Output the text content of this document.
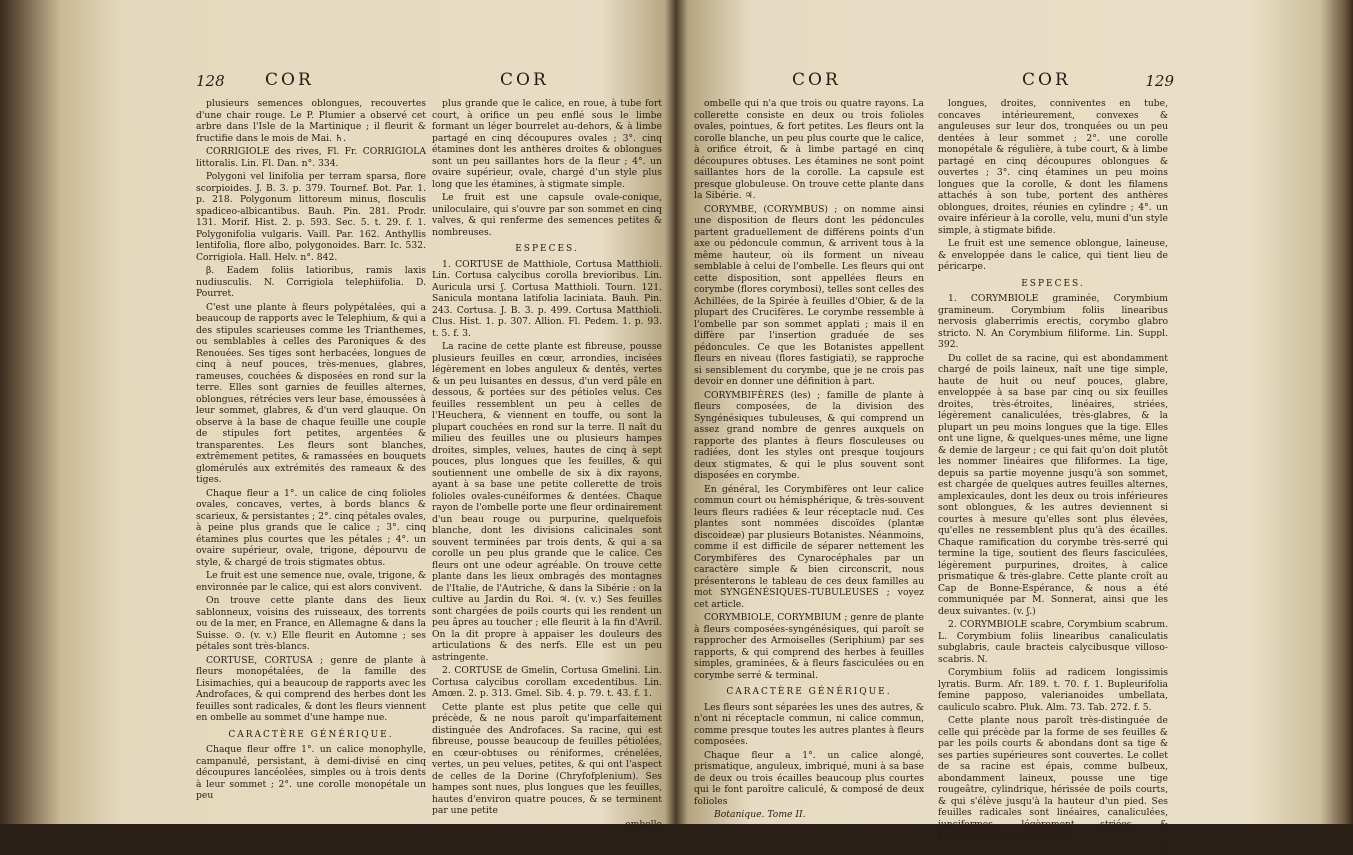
128 COR	COR

plusieurs semences oblongues, recouvertes d'une chair rouge. Le P. Plumier a observé cet arbre dans l'Isle de la Martinique ; il fleurit & fructifie dans le mois de Mai. ♄.

CORRIGIOLE des rives, Fl. Fr. CORRIGIOLA littoralis. Lin. Fl. Dan. n°. 334.

Polygoni vel linifolia per terram sparsa, flore scorpioides. J. B. 3. p. 379. Tournef. Bot. Par. 1. p. 218. Polygonum littoreum minus, flosculis spadiceo-albicantibus. Bauh. Pin. 281. Prodr. 131. Morif. Hist. 2. p. 593. Sec. 5. t. 29. f. 1. Polygonifolia vulgaris. Vaill. Par. 162. Anthyllis lentifolia, flore albo, polygonoides. Barr. Ic. 532. Corrigiola. Hall. Helv. n°. 842.

β. Eadem foliis latioribus, ramis laxis nudiusculis. N. Corrigiola telephiifolia. D. Pourret.

C'est une plante à fleurs polypétalées, qui a beaucoup de rapports avec le Telephium, & qui a des stipules scarieuses comme les Trianthemes, ou semblables à celles des Paroniques & des Renouées. Ses tiges sont herbacées, longues de cinq à neuf pouces, très-menues, glabres, rameuses, couchées & disposées en rond sur la terre. Elles sont garnies de feuilles alternes, oblongues, rétrécies vers leur base, émoussées à leur sommet, glabres, & d'un verd glauque. On observe à la base de chaque feuille une couple de stipules fort petites, argentées & transparentes. Les fleurs sont blanches, extrêmement petites, & ramassées en bouquets glomérulés aux extrémités des rameaux & des tiges.

Chaque fleur a 1°. un calice de cinq folioles ovales, concaves, vertes, à bords blancs & scarieux, & persistantes ; 2°. cinq pétales ovales, à peine plus grands que le calice ; 3°. cinq étamines plus courtes que les pétales ; 4°. un ovaire supérieur, ovale, trigone, dépourvu de style, & chargé de trois stigmates obtus.

Le fruit est une semence nue, ovale, trigone, & environnée par le calice, qui est alors convivent.

On trouve cette plante dans des lieux sablonneux, voisins des ruisseaux, des torrents ou de la mer, en France, en Allemagne & dans la Suisse. ⊙. (v. v.) Elle fleurit en Automne ; ses pétales sont très-blancs.

CORTUSE, CORTUSA ; genre de plante à fleurs monopétalées, de la famille des Lisimachies, qui a beaucoup de rapports avec les Androfaces, & qui comprend des herbes dont les feuilles sont radicales, & dont les fleurs viennent en ombelle au sommet d'une hampe nue.

CARACTÈRE GÉNÉRIQUE.

Chaque fleur offre 1°. un calice monophylle, campanulé, persistant, à demi-divisé en cinq découpures lancéolées, simples ou à trois dents à leur sommet ; 2°. une corolle monopétale un peu

plus grande que le calice, en roue, à tube fort court, à orifice un peu enflé sous le limbe formant un léger bourrelet au-dehors, & à limbe partagé en cinq découpures ovales ; 3°. cinq étamines dont les anthères droites & oblongues sont un peu saillantes hors de la fleur ; 4°. un ovaire supérieur, ovale, chargé d'un style plus long que les étamines, à stigmate simple.

Le fruit est une capsule ovale-conique, uniloculaire, qui s'ouvre par son sommet en cinq valves, & qui renferme des semences petites & nombreuses.

ESPECES.

1. CORTUSE de Matthiole, Cortusa Matthioli. Lin. Cortusa calycibus corolla brevioribus. Lin. Auricula ursi ʃ. Cortusa Matthioli. Tourn. 121. Sanicula montana latifolia laciniata. Bauh. Pin. 243. Cortusa. J. B. 3. p. 499. Cortusa Matthioli. Clus. Hist. 1. p. 307. Allion. Fl. Pedem. 1. p. 93. t. 5. f. 3.

La racine de cette plante est fibreuse, pousse plusieurs feuilles en cœur, arrondies, incisées légèrement en lobes anguleux & dentés, vertes & un peu luisantes en dessus, d'un verd pâle en dessous, & portées sur des pétioles velus. Ces feuilles ressemblent un peu à celles de l'Heuchera, & viennent en touffe, ou sont la plupart couchées en rond sur la terre. Il naît du milieu des feuilles une ou plusieurs hampes droites, simples, velues, hautes de cinq à sept pouces, plus longues que les feuilles, & qui soutiennent une ombelle de six à dix rayons, ayant à sa base une petite collerette de trois folioles ovales-cunéiformes & dentées. Chaque rayon de l'ombelle porte une fleur ordinairement d'un beau rouge ou purpurine, quelquefois blanche, dont les divisions calicinales sont souvent terminées par trois dents, & qui a sa corolle un peu plus grande que le calice. Ces fleurs ont une odeur agréable. On trouve cette plante dans les lieux ombragés des montagnes de l'Italie, de l'Autriche, & dans la Sibérie : on la cultive au Jardin du Roi. ♃. (v. v.) Ses feuilles sont chargées de poils courts qui les rendent un peu âpres au toucher ; elle fleurit à la fin d'Avril. On la dit propre à appaiser les douleurs des articulations & des nerfs. Elle est un peu astringente.

2. CORTUSE de Gmelin, Cortusa Gmelini. Lin. Cortusa calycibus corollam excedentibus. Lin. Amœn. 2. p. 313. Gmel. Sib. 4. p. 79. t. 43. f. 1.

Cette plante est plus petite que celle qui précède, & ne nous paroît qu'imparfaitement distinguée des Androfaces. Sa racine, qui est fibreuse, pousse beaucoup de feuilles pétiolées, en cœur-obtuses ou réniformes, crénelées, vertes, un peu velues, petites, & qui ont l'aspect de celles de la Dorine (Chryfofplenium). Ses hampes sont nues, plus longues que les feuilles, hautes d'environ quatre pouces, & se terminent par une petite

ombelle

COR	COR	129

ombelle qui n'a que trois ou quatre rayons. La collerette consiste en deux ou trois folioles ovales, pointues, & fort petites. Les fleurs ont la corolle blanche, un peu plus courte que le calice, à orifice étroit, & à limbe partagé en cinq découpures obtuses. Les étamines ne sont point saillantes hors de la corolle. La capsule est presque globuleuse. On trouve cette plante dans la Sibérie. ♃.

CORYMBE, (CORYMBUS) ; on nomme ainsi une disposition de fleurs dont les pédoncules partent graduellement de différens points d'un axe ou pédoncule commun, & arrivent tous à la même hauteur, où ils forment un niveau semblable à celui de l'ombelle. Les fleurs qui ont cette disposition, sont appellées fleurs en corymbe (flores corymbosi), telles sont celles des Achillées, de la Spirée à feuilles d'Obier, & de la plupart des Crucifères. Le corymbe ressemble à l'ombelle par son sommet applati ; mais il en diffère par l'insertion graduée de ses pédoncules. Ce que les Botanistes appellent fleurs en niveau (flores fastigiati), se rapproche si sensiblement du corymbe, que je ne crois pas devoir en donner une définition à part.

CORYMBIFÈRES (les) ; famille de plante à fleurs composées, de la division des Syngénésiques tubuleuses, & qui comprend un assez grand nombre de genres auxquels on rapporte des plantes à fleurs flosculeuses ou radiées, dont les styles ont presque toujours deux stigmates, & qui le plus souvent sont disposées en corymbe.

En général, les Corymbifères ont leur calice commun court ou hémisphérique, & très-souvent leurs fleurs radiées & leur réceptacle nud. Ces plantes sont nommées discoïdes (plantæ discoideæ) par plusieurs Botanistes. Néanmoins, comme il est difficile de séparer nettement les Corymbifères des Cynarocéphales par un caractère simple & bien circonscrit, nous présenterons le tableau de ces deux familles au mot SYNGÉNÉSIQUES-TUBULEUSES ; voyez cet article.

CORYMBIOLE, CORYMBIUM ; genre de plante à fleurs composées-syngénésiques, qui paroît se rapprocher des Armoiselles (Seriphium) par ses rapports, & qui comprend des herbes à feuilles simples, graminées, & à fleurs fasciculées ou en corymbe serré & terminal.

CARACTÈRE GÉNÉRIQUE.

Les fleurs sont séparées les unes des autres, & n'ont ni réceptacle commun, ni calice commun, comme presque toutes les autres plantes à fleurs composées.

Chaque fleur a 1°. un calice alongé, prismatique, anguleux, imbriqué, muni à sa base de deux ou trois écailles beaucoup plus courtes qui le font paroître caliculé, & composé de deux folioles

Botanique. Tome II.

longues, droites, conniventes en tube, concaves intérieurement, convexes & anguleuses sur leur dos, tronquées ou un peu dentées à leur sommet ; 2°. une corolle monopétale & régulière, à tube court, & à limbe partagé en cinq découpures oblongues & ouvertes ; 3°. cinq étamines un peu moins longues que la corolle, & dont les filamens attachés à son tube, portent des anthères oblongues, droites, réunies en cylindre ; 4°. un ovaire inférieur à la corolle, velu, muni d'un style simple, à stigmate bifide.

Le fruit est une semence oblongue, laineuse, & enveloppée dans le calice, qui tient lieu de péricarpe.

ESPECES.

1. CORYMBIOLE graminée, Corymbium gramineum. Corymbium foliis linearibus nervosis glaberrimis erectis, corymbo glabro stricto. N. An Corymbium filiforme. Lin. Suppl. 392.

Du collet de sa racine, qui est abondamment chargé de poils laineux, naît une tige simple, haute de huit ou neuf pouces, glabre, enveloppée à sa base par cinq ou six feuilles droites, très-étroites, linéaires, striées, légèrement canaliculées, très-glabres, & la plupart un peu moins longues que la tige. Elles ont une ligne, & quelques-unes même, une ligne & demie de largeur ; ce qui fait qu'on doit plutôt les nommer linéaires que filiformes. La tige, depuis sa partie moyenne jusqu'à son sommet, est chargée de quelques autres feuilles alternes, amplexicaules, dont les deux ou trois inférieures sont oblongues, & les autres deviennent si courtes à mesure qu'elles sont plus élevées, qu'elles ne ressemblent plus qu'à des écailles. Chaque ramification du corymbe très-serré qui termine la tige, soutient des fleurs fasciculées, légèrement purpurines, droites, à calice prismatique & très-glabre. Cette plante croît au Cap de Bonne-Espérance, & nous a été communiquée par M. Sonnerat, ainsi que les deux suivantes. (v. ʃ.)

2. CORYMBIOLE scabre, Corymbium scabrum. L. Corymbium foliis linearibus canaliculatis subglabris, caule bracteis calycibusque villoso-scabris. N.

Corymbium foliis ad radicem longissimis lyratis. Burm. Afr. 189. t. 70. f. 1. Bupleurifolia femine papposo, valerianoides umbellata, cauliculo scabro. Pluk. Alm. 73. Tab. 272. f. 5.

Cette plante nous paroît très-distinguée de celle qui précède par la forme de ses feuilles & par les poils courts & abondans dont sa tige & ses parties supérieures sont couvertes. Le collet de sa racine est épais, comme bulbeux, abondamment laineux, pousse une tige rougeâtre, cylindrique, hérissée de poils courts, & qui s'élève jusqu'à la hauteur d'un pied. Ses feuilles radicales sont linéaires, canaliculées, junciformes, légèrement striées, & presqu'entièrement glabres.

R
